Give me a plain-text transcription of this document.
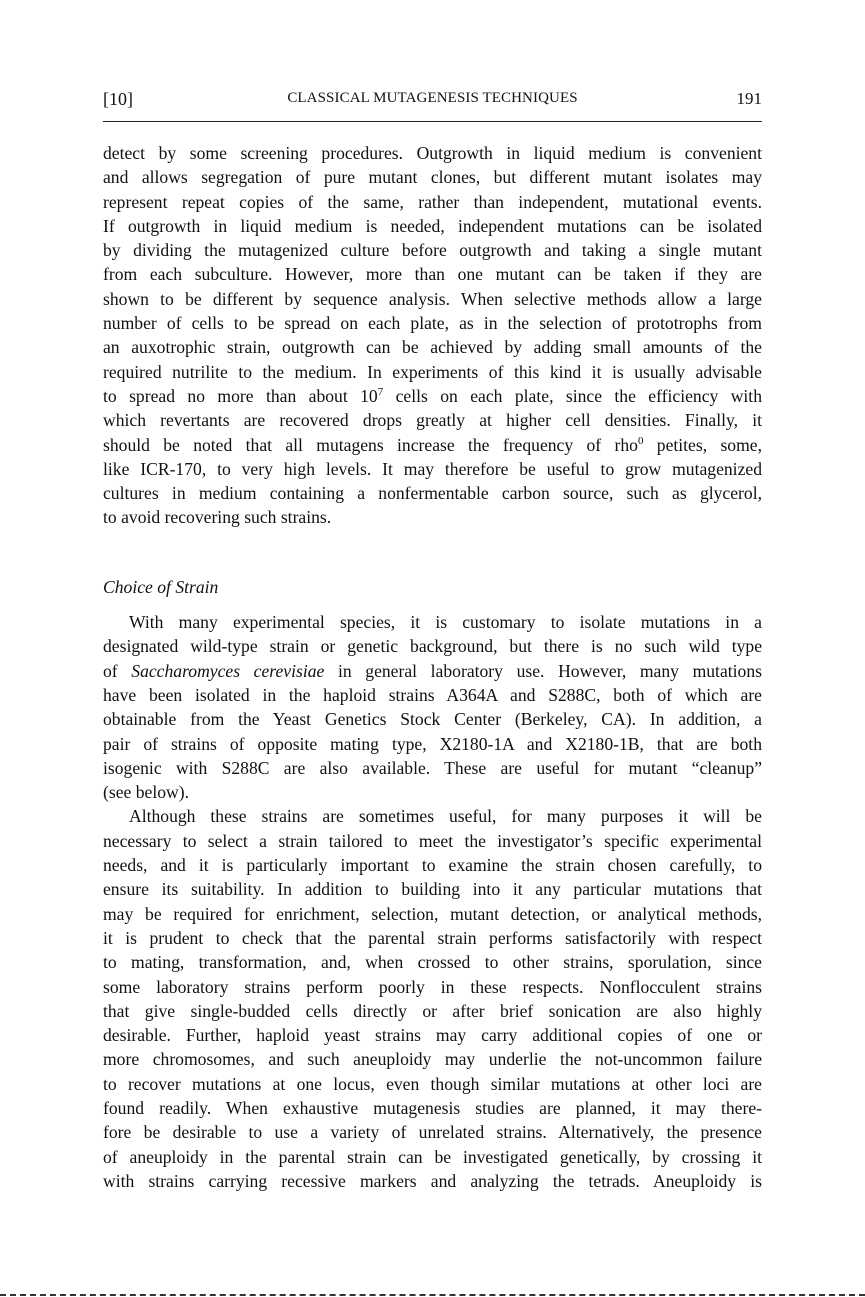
[10]	CLASSICAL MUTAGENESIS TECHNIQUES	191
detect by some screening procedures. Outgrowth in liquid medium is convenient
and allows segregation of pure mutant clones, but different mutant isolates may
represent repeat copies of the same, rather than independent, mutational events.
If outgrowth in liquid medium is needed, independent mutations can be isolated
by dividing the mutagenized culture before outgrowth and taking a single mutant
from each subculture. However, more than one mutant can be taken if they are
shown to be different by sequence analysis. When selective methods allow a large
number of cells to be spread on each plate, as in the selection of prototrophs from
an auxotrophic strain, outgrowth can be achieved by adding small amounts of the
required nutrilite to the medium. In experiments of this kind it is usually advisable
to spread no more than about $10^7$ cells on each plate, since the efficiency with
which revertants are recovered drops greatly at higher cell densities. Finally, it
should be noted that all mutagens increase the frequency of rho$^0$ petites, some,
like ICR-170, to very high levels. It may therefore be useful to grow mutagenized
cultures in medium containing a nonfermentable carbon source, such as glycerol,
to avoid recovering such strains.
Choice of Strain
With many experimental species, it is customary to isolate mutations in a
designated wild-type strain or genetic background, but there is no such wild type
of Saccharomyces cerevisiae in general laboratory use. However, many mutations
have been isolated in the haploid strains A364A and S288C, both of which are
obtainable from the Yeast Genetics Stock Center (Berkeley, CA). In addition, a
pair of strains of opposite mating type, X2180-1A and X2180-1B, that are both
isogenic with S288C are also available. These are useful for mutant “cleanup”
(see below).
Although these strains are sometimes useful, for many purposes it will be
necessary to select a strain tailored to meet the investigator’s specific experimental
needs, and it is particularly important to examine the strain chosen carefully, to
ensure its suitability. In addition to building into it any particular mutations that
may be required for enrichment, selection, mutant detection, or analytical methods,
it is prudent to check that the parental strain performs satisfactorily with respect
to mating, transformation, and, when crossed to other strains, sporulation, since
some laboratory strains perform poorly in these respects. Nonflocculent strains
that give single-budded cells directly or after brief sonication are also highly
desirable. Further, haploid yeast strains may carry additional copies of one or
more chromosomes, and such aneuploidy may underlie the not-uncommon failure
to recover mutations at one locus, even though similar mutations at other loci are
found readily. When exhaustive mutagenesis studies are planned, it may there-
fore be desirable to use a variety of unrelated strains. Alternatively, the presence
of aneuploidy in the parental strain can be investigated genetically, by crossing it
with strains carrying recessive markers and analyzing the tetrads. Aneuploidy is
